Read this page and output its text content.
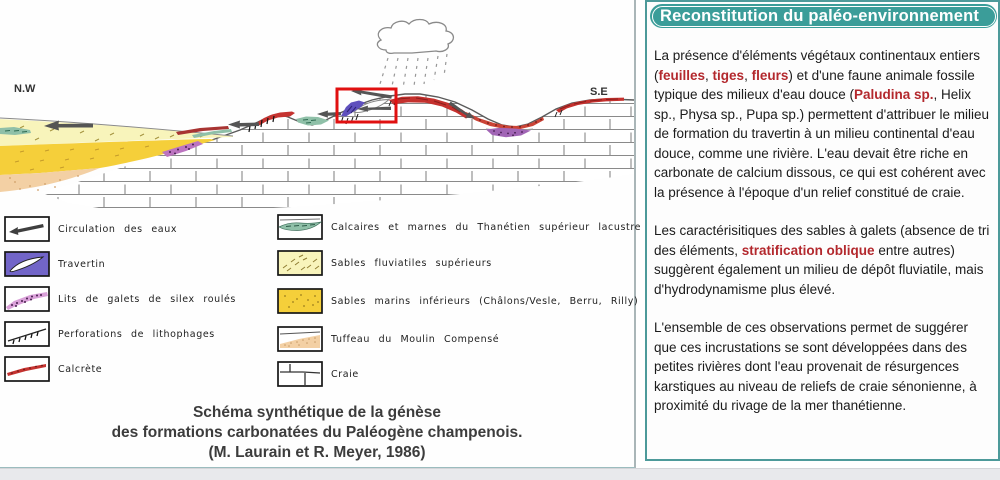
N.W	S.E
Circulation des eaux
Travertin
Lits de galets de silex roulés
Perforations de lithophages
Calcrète
Calcaires et marnes du Thanétien supérieur lacustre
Sables fluviatiles supérieurs
Sables marins inférieurs (Châlons/Vesle, Berru, Rilly)
Tuffeau du Moulin Compensé
Craie
Schéma synthétique de la génèse
des formations carbonatées du Paléogène champenois.
(M. Laurain et R. Meyer, 1986)
Reconstitution du paléo-environnement

La présence d'éléments végétaux continentaux entiers (feuilles, tiges, fleurs) et d'une faune animale fossile typique des milieux d'eau douce (Paludina sp., Helix sp., Physa sp., Pupa sp.) permettent d'attribuer le milieu de formation du travertin à un milieu continental d'eau douce, comme une rivière. L'eau devait être riche en carbonate de calcium dissous, ce qui est cohérent avec la présence à l'époque d'un relief constitué de craie.

Les caractérisitiques des sables à galets (absence de tri des éléments, stratification oblique entre autres) suggèrent également un milieu de dépôt fluviatile, mais d'hydrodynamisme plus élevé.

L'ensemble de ces observations permet de suggérer que ces incrustations se sont développées dans des petites rivières dont l'eau provenait de résurgences karstiques au niveau de reliefs de craie sénonienne, à proximité du rivage de la mer thanétienne.
